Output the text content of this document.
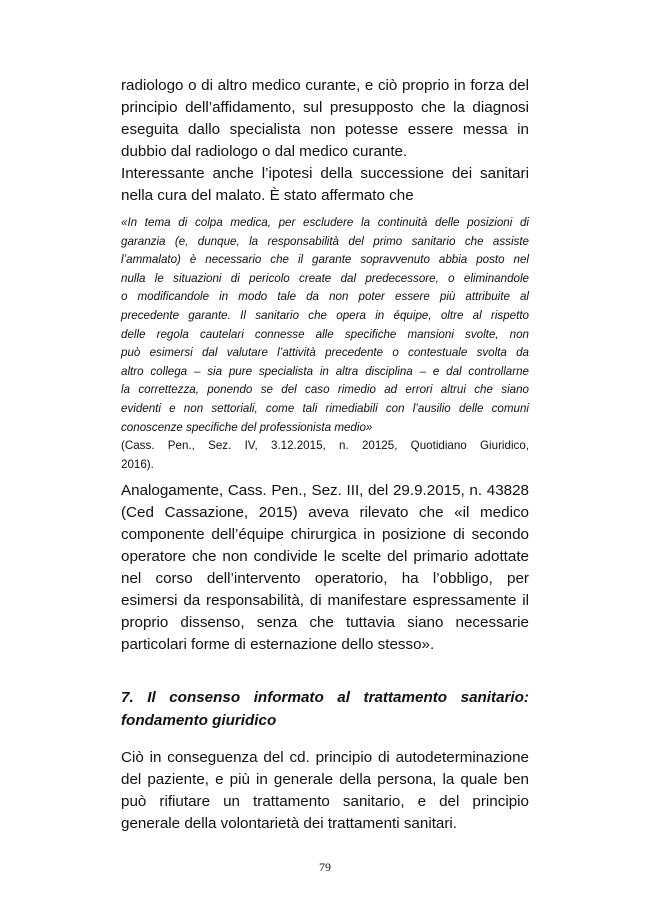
radiologo o di altro medico curante, e ciò proprio in forza del
principio dell’affidamento, sul presupposto che la diagnosi
eseguita dallo specialista non potesse essere messa in
dubbio dal radiologo o dal medico curante.

Interessante anche l’ipotesi della successione dei sanitari
nella cura del malato. È stato affermato che

«In tema di colpa medica, per escludere la continuità delle posizioni di
garanzia (e, dunque, la responsabilità del primo sanitario che assiste
l’ammalato) è necessario che il garante sopravvenuto abbia posto nel
nulla le situazioni di pericolo create dal predecessore, o eliminandole
o modificandole in modo tale da non poter essere più attribuite al
precedente garante. Il sanitario che opera in équipe, oltre al rispetto
delle regola cautelari connesse alle specifiche mansioni svolte, non
può esimersi dal valutare l’attività precedente o contestuale svolta da
altro collega – sia pure specialista in altra disciplina – e dal controllarne
la correttezza, ponendo se del caso rimedio ad errori altrui che siano
evidenti e non settoriali, come tali rimediabili con l’ausilio delle comuni
conoscenze specifiche del professionista medio»

(Cass. Pen., Sez. IV, 3.12.2015, n. 20125, Quotidiano Giuridico,
2016).

Analogamente, Cass. Pen., Sez. III, del 29.9.2015, n. 43828
(Ced Cassazione, 2015) aveva rilevato che «il medico
componente dell’équipe chirurgica in posizione di secondo
operatore che non condivide le scelte del primario adottate
nel corso dell’intervento operatorio, ha l’obbligo, per
esimersi da responsabilità, di manifestare espressamente il
proprio dissenso, senza che tuttavia siano necessarie
particolari forme di esternazione dello stesso».

7. Il consenso informato al trattamento sanitario:
fondamento giuridico

Ciò in conseguenza del cd. principio di autodeterminazione
del paziente, e più in generale della persona, la quale ben
può rifiutare un trattamento sanitario, e del principio
generale della volontarietà dei trattamenti sanitari.

79
